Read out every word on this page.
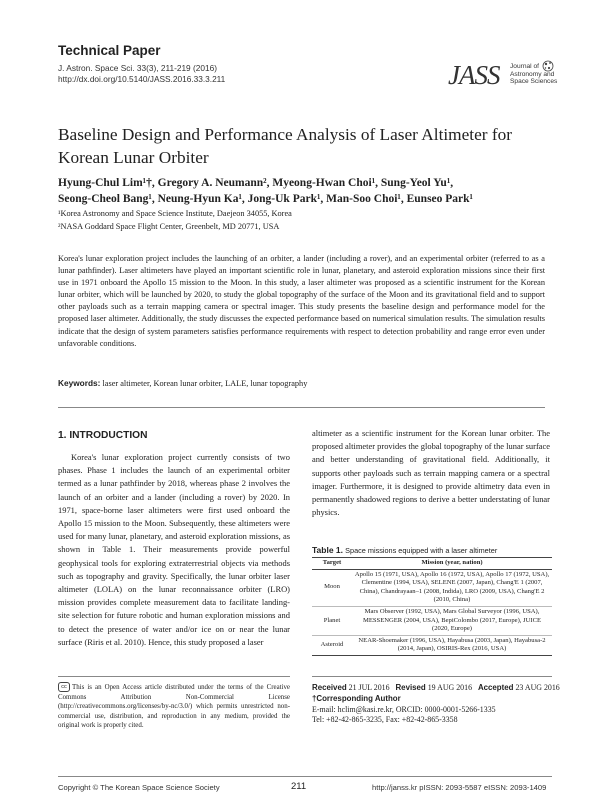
Technical Paper
J. Astron. Space Sci. 33(3), 211-219 (2016)
http://dx.doi.org/10.5140/JASS.2016.33.3.211	JASS Journal of
Astronomy and
Space Sciences
Baseline Design and Performance Analysis of Laser Altimeter for
Korean Lunar Orbiter
Hyung-Chul Lim¹†, Gregory A. Neumann², Myeong-Hwan Choi¹, Sung-Yeol Yu¹,
Seong-Cheol Bang¹, Neung-Hyun Ka¹, Jong-Uk Park¹, Man-Soo Choi¹, Eunseo Park¹
¹Korea Astronomy and Space Science Institute, Daejeon 34055, Korea
²NASA Goddard Space Flight Center, Greenbelt, MD 20771, USA
Korea's lunar exploration project includes the launching of an orbiter, a lander (including a rover), and an experimental orbiter (referred to as a lunar pathfinder). Laser altimeters have played an important scientific role in lunar, planetary, and asteroid exploration missions since their first use in 1971 onboard the Apollo 15 mission to the Moon. In this study, a laser altimeter was proposed as a scientific instrument for the Korean lunar orbiter, which will be launched by 2020, to study the global topography of the surface of the Moon and its gravitational field and to support other payloads such as a terrain mapping camera or spectral imager. This study presents the baseline design and performance model for the proposed laser altimeter. Additionally, the study discusses the expected performance based on numerical simulation results. The simulation results indicate that the design of system parameters satisfies performance requirements with respect to detection probability and range error even under unfavorable conditions.
Keywords: laser altimeter, Korean lunar orbiter, LALE, lunar topography
1. INTRODUCTION

Korea's lunar exploration project currently consists of two phases. Phase 1 includes the launch of an experimental orbiter termed as a lunar pathfinder by 2018, whereas phase 2 involves the launch of an orbiter and a lander (including a rover) by 2020. In 1971, space-borne laser altimeters were first used onboard the Apollo 15 mission to the Moon. Subsequently, these altimeters were used for many lunar, planetary, and asteroid exploration missions, as shown in Table 1. Their measurements provide powerful geophysical tools for exploring extraterrestrial objects via methods such as topography and gravity. Specifically, the lunar orbiter laser altimeter (LOLA) on the lunar reconnaissance orbiter (LRO) mission provides complete measurement data to facilitate landing-site selection for future robotic and human exploration missions and to detect the presence of water and/or ice on or near the lunar surface (Riris et al. 2010). Hence, this study proposed a laser

altimeter as a scientific instrument for the Korean lunar orbiter. The proposed altimeter provides the global topography of the lunar surface and better understanding of gravitational field. Additionally, it supports other payloads such as terrain mapping camera or a spectral imager. Furthermore, it is designed to provide altimetry data even in permanently shadowed regions to derive a better understating of lunar physics.

Table 1. Space missions equipped with a laser altimeter
Target	Mission (year, nation)
Moon	Apollo 15 (1971, USA), Apollo 16 (1972, USA), Apollo 17 (1972, USA), Clementine (1994, USA), SELENE (2007, Japan), Chang'E 1 (2007, China), Chandrayaan–1 (2008, Indida), LRO (2009, USA), Chang'E 2 (2010, China)
Planet	Mars Observer (1992, USA), Mars Global Surveyor (1996, USA), MESSENGER (2004, USA), BepiColombo (2017, Europe), JUICE (2020, Europe)
Asteroid	NEAR-Shoemaker (1996, USA), Hayabusa (2003, Japan), Hayabusa-2 (2014, Japan), OSIRIS-Rex (2016, USA)
cc This is an Open Access article distributed under the terms of the Creative Commons Attribution Non-Commercial License (http://creativecommons.org/licenses/by-nc/3.0/) which permits unrestricted non-commercial use, distribution, and reproduction in any medium, provided the original work is properly cited.
Received 21 JUL 2016 Revised 19 AUG 2016 Accepted 23 AUG 2016
†Corresponding Author
E-mail: hclim@kasi.re.kr, ORCID: 0000-0001-5266-1335
Tel: +82-42-865-3235, Fax: +82-42-865-3358
Copyright © The Korean Space Science Society	211	http://janss.kr pISSN: 2093-5587 eISSN: 2093-1409
